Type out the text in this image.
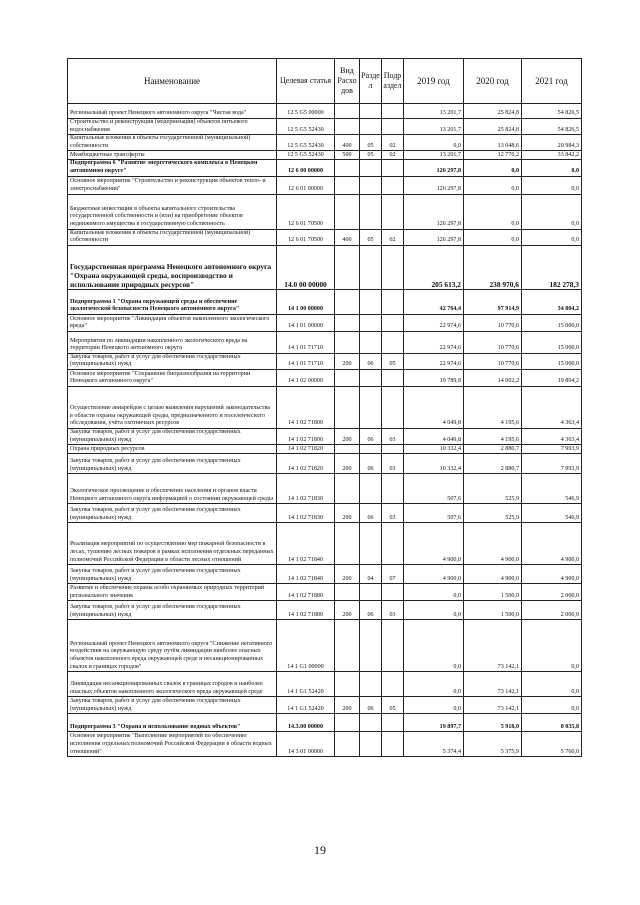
Наименование	Целевая статья	Вид Расхо дов	Разде л	Подр аздел	2019 год	2020 год	2021 год
Региональный проект Ненецкого автономного округа "Чистая вода"	12 5 G5 00000				13 201,7	25 824,8	54 826,5
Строительство и реконструкция (модернизация) объектов питьевого водоснабжения	12 5 G5 52430				13 201,7	25 824,8	54 826,5
Капитальные вложения в объекты государственной (муниципальной) собственности	12 5 G5 52430	400	05	02	0,0	13 048,6	20 984,3
Межбюджетные трансферты	12 5 G5 52430	500	05	02	13 201,7	12 776,2	33 842,2
Подпрограмма 6 "Развитие энергетического комплекса в Ненецком автономном округе"	12 6 00 00000				126 297,8	0,0	0,0
Основное мероприятие "Строительство и реконструкция объектов тепло- и электроснабжения"	12 6 01 00000				126 297,8	0,0	0,0
Бюджетные инвестиции в объекты капитального строительства государственной собственности и (или) на приобретение объектов недвижимого имущества в государственную собственность	12 6 01 70500				126 297,8	0,0	0,0
Капитальные вложения в объекты государственной (муниципальной) собственности	12 6 01 70500	400	05	02	126 297,8	0,0	0,0
Государственная программа Ненецкого автономного округа "Охрана окружающей среды, воспроизводство и использование природных ресурсов"	14.0 00 00000				205 613,2	238 970,6	182 278,3
Подпрограмма 1 "Охрана окружающей среды и обеспечение экологической безопасности Ненецкого автономного округа"	14 1 00 00000				42 764,4	97 914,9	34 804,2
Основное мероприятие "Ликвидация объектов накопленного экологического вреда"	14 1 01 00000				22 974,6	10 770,6	15 000,0
Мероприятия по ликвидации накопленного экологического вреда на территории Ненецкого автономного округа	14 1 01 71710				22 974,6	10 770,6	15 000,0
Закупка товаров, работ и услуг для обеспечения государственных (муниципальных) нужд	14 1 01 71710	200	06	05	22 974,6	10 770,6	15 000,0
Основное мероприятие "Сохранение биоразнообразия на территории Ненецкого автономного округа"	14 1 02 00000				19 789,8	14 002,2	19 804,2
Осуществление авиарейдов с целью выявления нарушений законодательства в области охраны окружающей среды, предназначенного и поселенческого обследования, учёта охотничьих ресурсов	14 1 02 71800				4 049,8	4 195,6	4 363,4
Закупка товаров, работ и услуг для обеспечения государственных (муниципальных) нужд	14 1 02 71800	200	06	03	4 049,8	4 195,6	4 363,4
Охрана природных ресурсов	14 1 02 71820				10 332,4	2 880,7	7 993,9
Закупка товаров, работ и услуг для обеспечения государственных (муниципальных) нужд	14 1 02 71820	200	06	03	10 332,4	2 880,7	7 993,9
Экологическое просвещение и обеспечение населения и органов власти Ненецкого автономного округа информацией о состоянии окружающей среды	14 1 02 71830				507,6	525,9	546,9
Закупка товаров, работ и услуг для обеспечения государственных (муниципальных) нужд	14 1 02 71830	200	06	03	507,6	525,9	546,9
Реализация мероприятий по осуществлению мер пожарной безопасности в лесах, тушению лесных пожаров в рамках исполнения отдельных переданных полномочий Российской Федерации в области лесных отношений	14 1 02 71840				4 900,0	4 900,0	4 900,0
Закупка товаров, работ и услуг для обеспечения государственных (муниципальных) нужд	14 1 02 71840	200	04	07	4 900,0	4 900,0	4 900,0
Развитие и обеспечение охраны особо охраняемых природных территорий регионального значения	14 1 02 71880				0,0	1 500,0	2 000,0
Закупка товаров, работ и услуг для обеспечения государственных (муниципальных) нужд	14 1 02 71880	200	06	03	0,0	1 500,0	2 000,0
Региональный проект Ненецкого автономного округа "Снижение негативного воздействия на окружающую среду путём ликвидации наиболее опасных объектов накопленного вреда окружающей среде и несанкционированных свалок в границах городов"	14 1 G1 00000				0,0	73 142,1	0,0
Ликвидация несанкционированных свалок в границах городов и наиболее опасных объектов накопленного экологического вреда окружающей среде	14 1 G1 52420				0,0	73 142,1	0,0
Закупка товаров, работ и услуг для обеспечения государственных (муниципальных) нужд	14 1 G1 52420	200	06	05	0,0	73 142,1	0,0
Подпрограмма 3 "Охрана и использование водных объектов"	14.3.00 00000				19 897,7	5 918,0	8 035,8
Основное мероприятие "Выполнение мероприятий по обеспечению исполнения отдельных полномочий Российской Федерации в области водных отношений"	14 3 01 00000				5 374,4	5 375,9	5 760,0
19
